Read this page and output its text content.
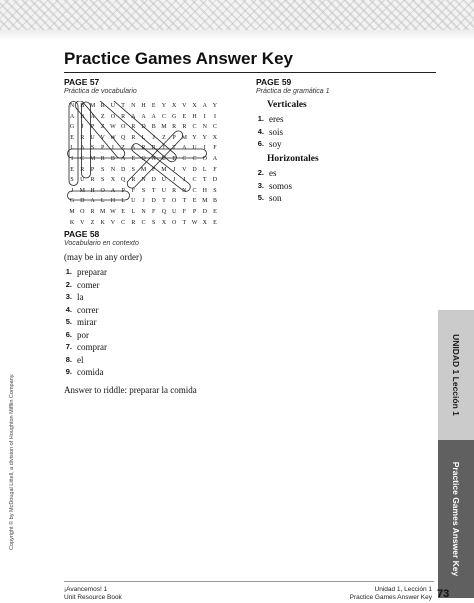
Practice Games Answer Key
PAGE 57
Práctica de vocabulario
N	B M R	U	T	N H	E	Y X V X A Y
A	B	A	Z	O	R	A A A	C	G	E	H	I	I
G	J	P	Z W O	R	D	B M R	R	C	N	C
E	R	U V W Q	R	L	J	Z	P M Y Y X
L	A	S	P	I	Z	A	R	R	I	T	A U	I	F
I	C M R	B	A	E	Q N U	E	C	C	O A
E	R	P	S	N D	S M F M	J	V D	L	F
S	U	R	S	X Q	R	N D U	J	J	C	T	D
J	M H O A	P	F	S	T	U	R	N	C	H	S
G D A	L	H	L	U	J	D	T	O	T	E M B
M O	R M W E	L	N	F	Q U	F	P	D	E
K V	Z	K V	C	R	C	S	X O	T W X	E
PAGE 58
Vocabulario en contexto
(may be in any order)
1. preparar
2. comer
3. la
4. correr
5. mirar
6. por
7. comprar
8. el
9. comida
Answer to riddle: preparar la comida
PAGE 59
Práctica de gramática 1
Verticales
1. eres
4. sois
6. soy
Horizontales
2. es
3. somos
5. son
Copyright © by McDougal Littell, a division of Houghton Mifflin Company.	UNIDAD 1 Lección 1
Practice Games Answer Key
¡Avancemos! 1
Unit Resource Book
Unidad 1, Lección 1
Practice Games Answer Key 73
